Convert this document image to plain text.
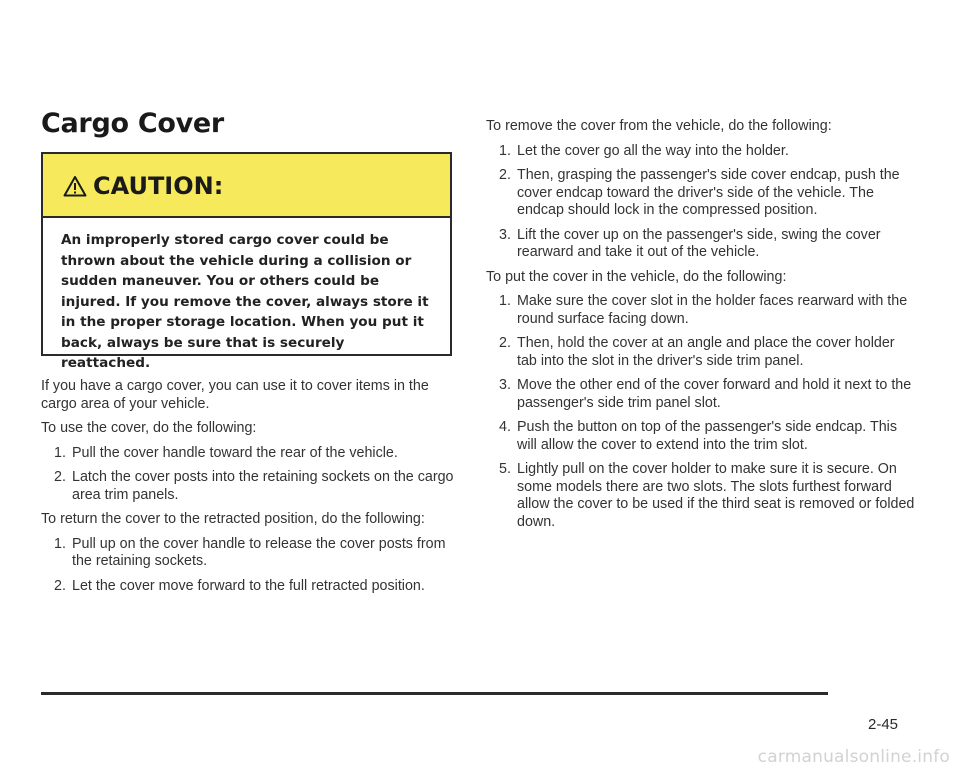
Cargo Cover
CAUTION:

An improperly stored cargo cover could be thrown about the vehicle during a collision or sudden maneuver. You or others could be injured. If you remove the cover, always store it in the proper storage location. When you put it back, always be sure that is securely reattached.

If you have a cargo cover, you can use it to cover items in the cargo area of your vehicle.

To use the cover, do the following:

1. Pull the cover handle toward the rear of the vehicle.
2. Latch the cover posts into the retaining sockets on the cargo area trim panels.

To return the cover to the retracted position, do the following:

1. Pull up on the cover handle to release the cover posts from the retaining sockets.
2. Let the cover move forward to the full retracted position.

To remove the cover from the vehicle, do the following:

1. Let the cover go all the way into the holder.
2. Then, grasping the passenger's side cover endcap, push the cover endcap toward the driver's side of the vehicle. The endcap should lock in the compressed position.
3. Lift the cover up on the passenger's side, swing the cover rearward and take it out of the vehicle.

To put the cover in the vehicle, do the following:

1. Make sure the cover slot in the holder faces rearward with the round surface facing down.
2. Then, hold the cover at an angle and place the cover holder tab into the slot in the driver's side trim panel.
3. Move the other end of the cover forward and hold it next to the passenger's side trim panel slot.
4. Push the button on top of the passenger's side endcap. This will allow the cover to extend into the trim slot.
5. Lightly pull on the cover holder to make sure it is secure. On some models there are two slots. The slots furthest forward allow the cover to be used if the third seat is removed or folded down.
2-45
carmanualsonline.info
